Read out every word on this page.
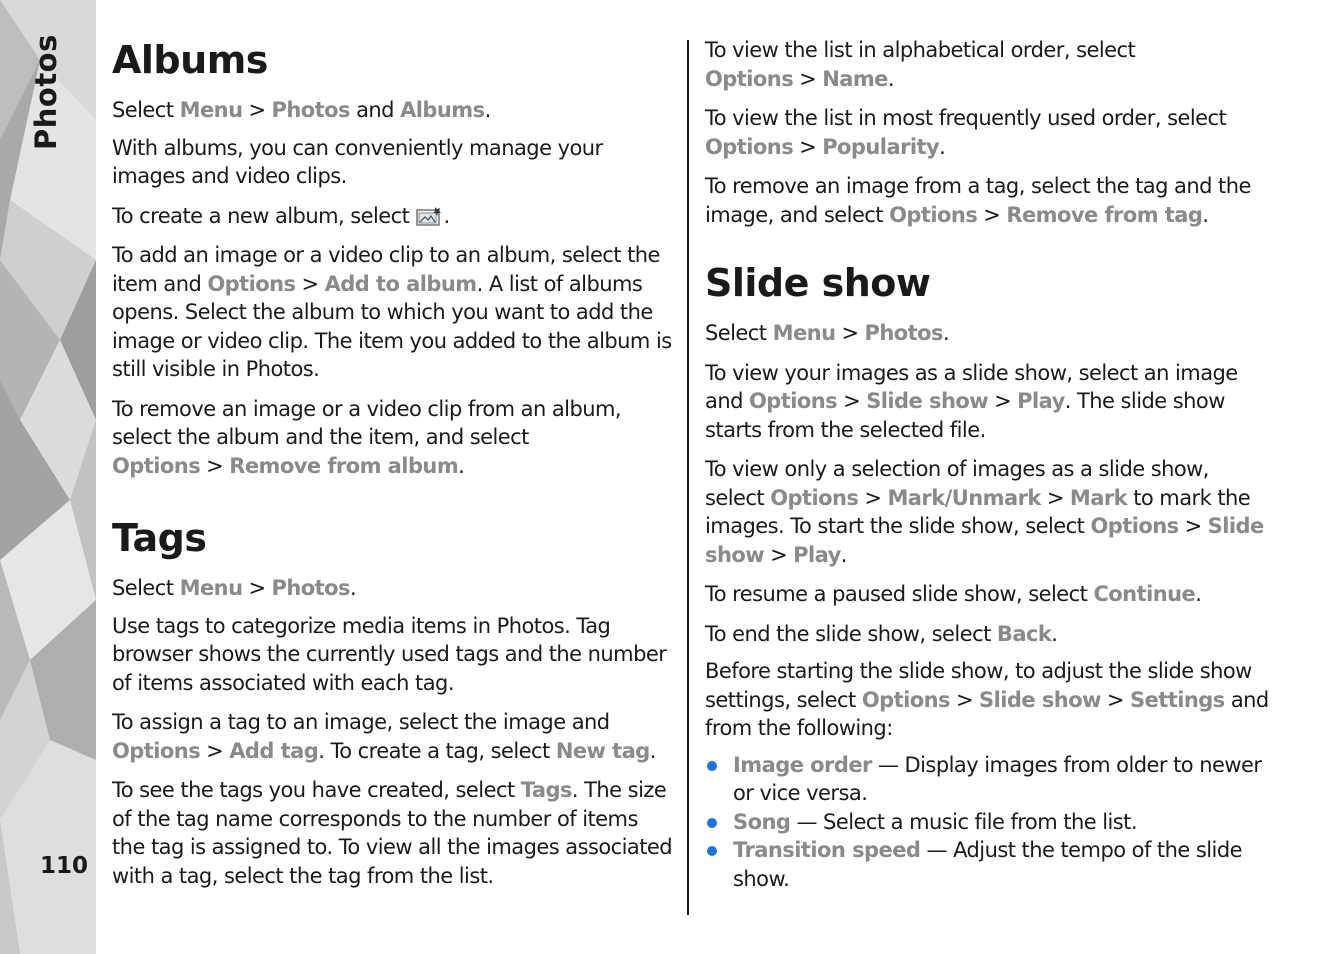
Photos
110
Albums

Select Menu > Photos and Albums.

With albums, you can conveniently manage your images and video clips.

To create a new album, select .

To add an image or a video clip to an album, select the item and Options > Add to album. A list of albums opens. Select the album to which you want to add the image or video clip. The item you added to the album is still visible in Photos.

To remove an image or a video clip from an album, select the album and the item, and select Options > Remove from album.

Tags

Select Menu > Photos.

Use tags to categorize media items in Photos. Tag browser shows the currently used tags and the number of items associated with each tag.

To assign a tag to an image, select the image and Options > Add tag. To create a tag, select New tag.

To see the tags you have created, select Tags. The size of the tag name corresponds to the number of items the tag is assigned to. To view all the images associated with a tag, select the tag from the list.

To view the list in alphabetical order, select Options > Name.

To view the list in most frequently used order, select Options > Popularity.

To remove an image from a tag, select the tag and the image, and select Options > Remove from tag.

Slide show

Select Menu > Photos.

To view your images as a slide show, select an image and Options > Slide show > Play. The slide show starts from the selected file.

To view only a selection of images as a slide show, select Options > Mark/Unmark > Mark to mark the images. To start the slide show, select Options > Slide show > Play.

To resume a paused slide show, select Continue.

To end the slide show, select Back.

Before starting the slide show, to adjust the slide show settings, select Options > Slide show > Settings and from the following:

Image order — Display images from older to newer or vice versa.
Song — Select a music file from the list.
Transition speed — Adjust the tempo of the slide show.
